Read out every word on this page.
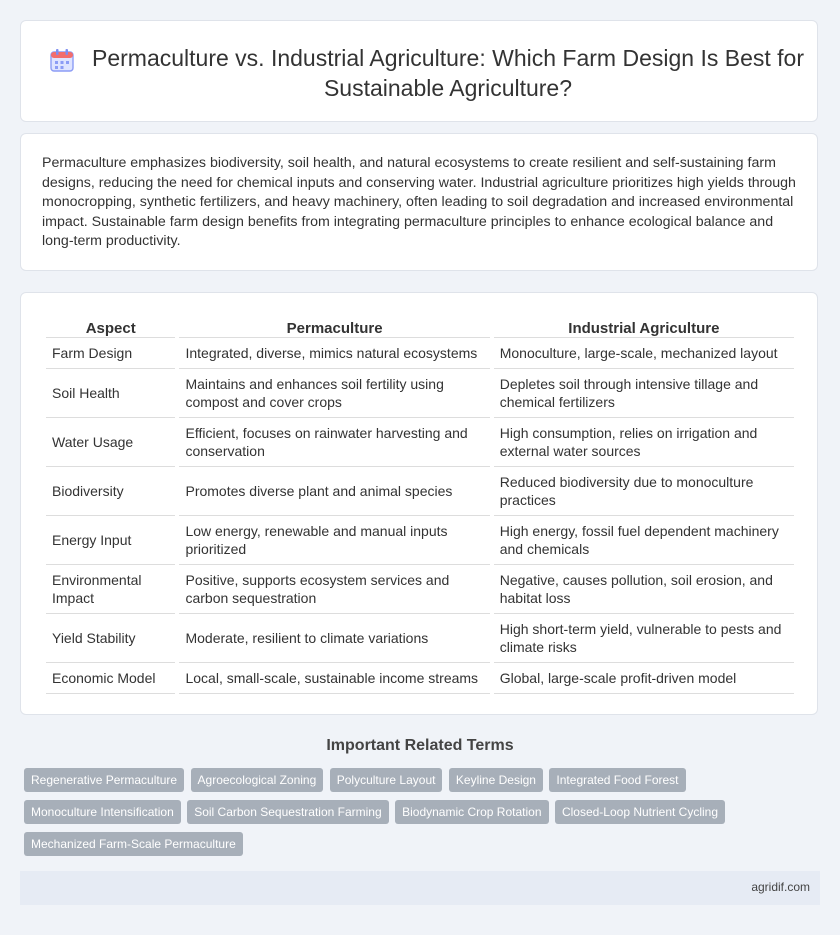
Permaculture vs. Industrial Agriculture: Which Farm Design Is Best for Sustainable Agriculture?

Permaculture emphasizes biodiversity, soil health, and natural ecosystems to create resilient and self-sustaining farm designs, reducing the need for chemical inputs and conserving water. Industrial agriculture prioritizes high yields through monocropping, synthetic fertilizers, and heavy machinery, often leading to soil degradation and increased environmental impact. Sustainable farm design benefits from integrating permaculture principles to enhance ecological balance and long-term productivity.

Aspect	Permaculture	Industrial Agriculture
Farm Design	Integrated, diverse, mimics natural ecosystems	Monoculture, large-scale, mechanized layout
Soil Health	Maintains and enhances soil fertility using compost and cover crops	Depletes soil through intensive tillage and chemical fertilizers
Water Usage	Efficient, focuses on rainwater harvesting and conservation	High consumption, relies on irrigation and external water sources
Biodiversity	Promotes diverse plant and animal species	Reduced biodiversity due to monoculture practices
Energy Input	Low energy, renewable and manual inputs prioritized	High energy, fossil fuel dependent machinery and chemicals
Environmental Impact	Positive, supports ecosystem services and carbon sequestration	Negative, causes pollution, soil erosion, and habitat loss
Yield Stability	Moderate, resilient to climate variations	High short-term yield, vulnerable to pests and climate risks
Economic Model	Local, small-scale, sustainable income streams	Global, large-scale profit-driven model
Important Related Terms
Regenerative Permaculture Agroecological Zoning Polyculture Layout Keyline Design Integrated Food Forest Monoculture Intensification Soil Carbon Sequestration Farming Biodynamic Crop Rotation Closed-Loop Nutrient Cycling Mechanized Farm-Scale Permaculture
agridif.com
